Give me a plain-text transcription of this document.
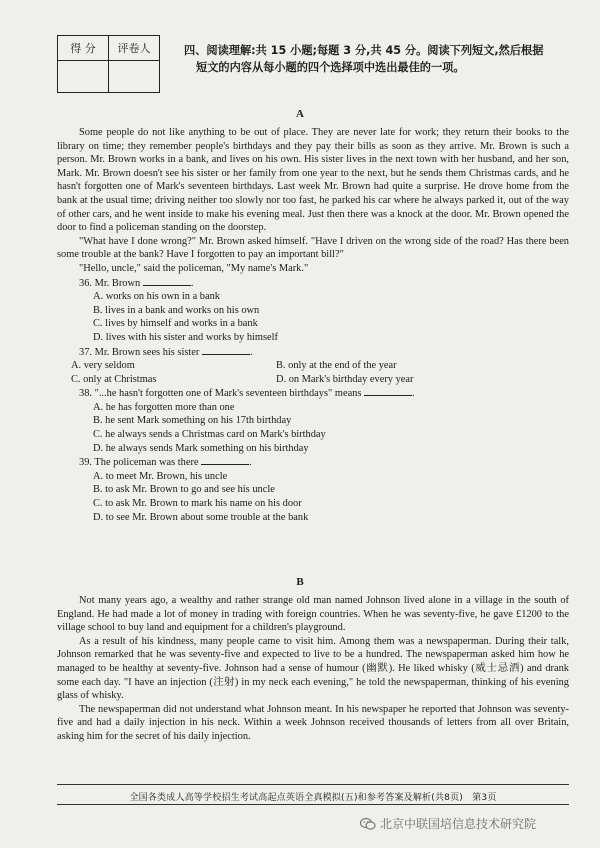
得 分	评卷人
		四、阅读理解:共 15 小题;每题 3 分,共 45 分。阅读下列短文,然后根据
短文的内容从每小题的四个选择项中选出最佳的一项。
A

Some people do not like anything to be out of place. They are never late for work; they return their books to the library on time; they remember people's birthdays and they pay their bills as soon as they arrive. Mr. Brown is such a person. Mr. Brown works in a bank, and lives on his own. His sister lives in the next town with her husband, and her son, Mark. Mr. Brown doesn't see his sister or her family from one year to the next, but he sends them Christmas cards, and he hasn't forgotten one of Mark's seventeen birthdays. Last week Mr. Brown had quite a surprise. He drove home from the bank at the usual time; driving neither too slowly nor too fast, he parked his car where he always parked it, out of the way of other cars, and he went inside to make his evening meal. Just then there was a knock at the door. Mr. Brown opened the door to find a policeman standing on the doorstep.

"What have I done wrong?" Mr. Brown asked himself. "Have I driven on the wrong side of the road? Has there been some trouble at the bank? Have I forgotten to pay an important bill?"

"Hello, uncle," said the policeman, "My name's Mark."

36. Mr. Brown	.

A. works on his own in a bank

B. lives in a bank and works on his own

C. lives by himself and works in a bank

D. lives with his sister and works by himself

37. Mr. Brown sees his sister	.

A. very seldom	B. only at the end of the year
C. only at Christmas	D. on Mark's birthday every year

38. "...he hasn't forgotten one of Mark's seventeen birthdays" means	.

A. he has forgotten more than one

B. he sent Mark something on his 17th birthday

C. he always sends a Christmas card on Mark's birthday

D. he always sends Mark something on his birthday

39. The policeman was there	.

A. to meet Mr. Brown, his uncle

B. to ask Mr. Brown to go and see his uncle

C. to ask Mr. Brown to mark his name on his door

D. to see Mr. Brown about some trouble at the bank

B

Not many years ago, a wealthy and rather strange old man named Johnson lived alone in a village in the south of England. He had made a lot of money in trading with foreign countries. When he was seventy-five, he gave £1200 to the village school to buy land and equipment for a children's playground.

As a result of his kindness, many people came to visit him. Among them was a newspaperman. During their talk, Johnson remarked that he was seventy-five and expected to live to be a hundred. The newspaperman asked him how he managed to be healthy at seventy-five. Johnson had a sense of humour (幽默). He liked whisky (威士忌酒) and drank some each day. "I have an injection (注射) in my neck each evening," he told the newspaperman, thinking of his evening glass of whisky.

The newspaperman did not understand what Johnson meant. In his newspaper he reported that Johnson was seventy-five and had a daily injection in his neck. Within a week Johnson received thousands of letters from all over Britain, asking him for the secret of his daily injection.

全国各类成人高等学校招生考试高起点英语全真模拟(五)和参考答案及解析(共8页)　第3页
北京中联国培信息技术研究院
